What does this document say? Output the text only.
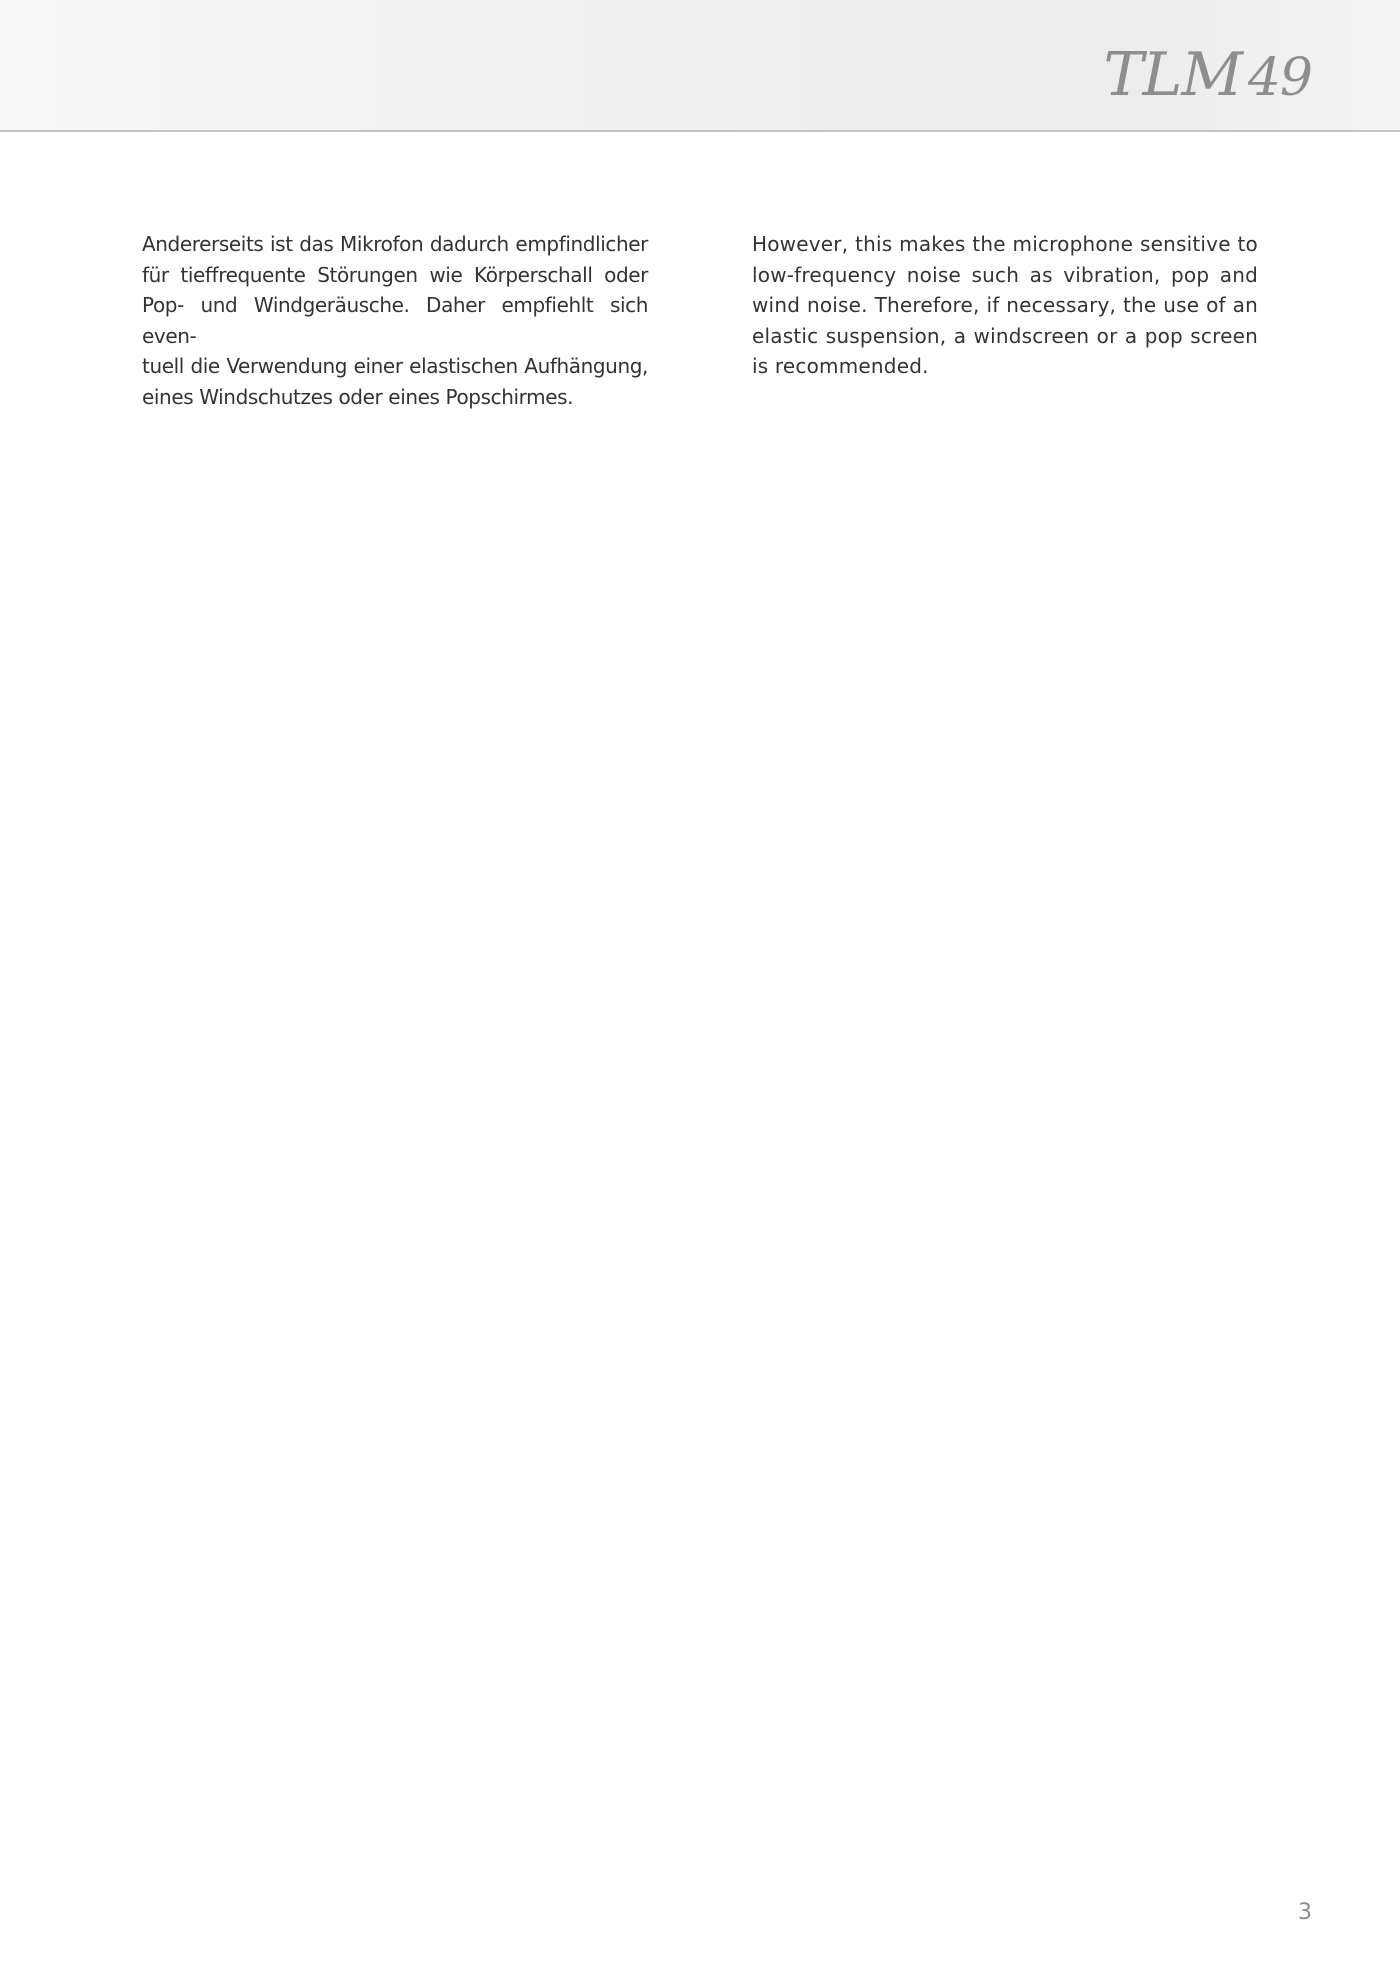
TLM 49
Andererseits ist das Mikrofon dadurch empfindlicher
für tieffrequente Störungen wie Körperschall oder
Pop- und Windgeräusche. Daher empfiehlt sich even-
tuell die Verwendung einer elastischen Aufhängung,
eines Windschutzes oder eines Popschirmes.
However, this makes the microphone sensitive to
low-frequency noise such as vibration, pop and
wind noise. Therefore, if necessary, the use of an
elastic suspension, a windscreen or a pop screen
is recommended.
3
